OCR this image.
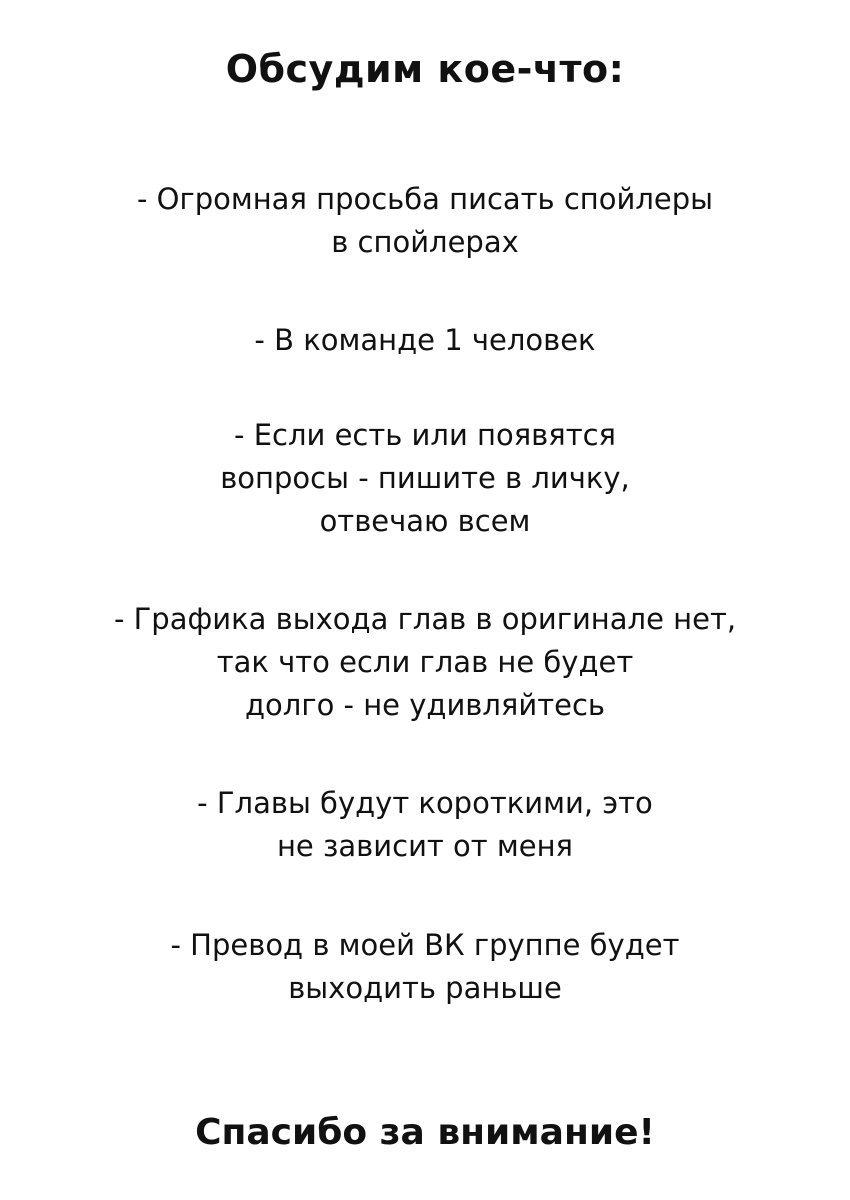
Обсудим кое-что:
- Огромная просьба писать спойлеры
в спойлерах
- В команде 1 человек
- Если есть или появятся
вопросы - пишите в личку,
отвечаю всем
- Графика выхода глав в оригинале нет,
так что если глав не будет
долго - не удивляйтесь
- Главы будут короткими, это
не зависит от меня
- Превод в моей ВК группе будет
выходить раньше
Спасибо за внимание!
